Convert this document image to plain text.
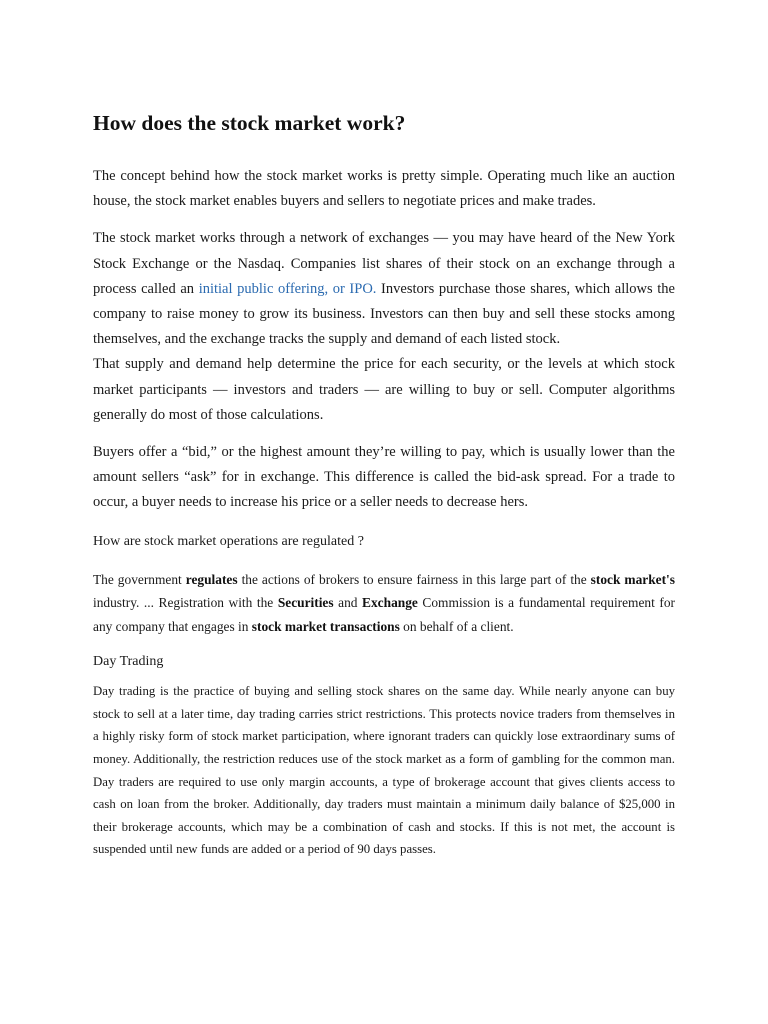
How does the stock market work?

The concept behind how the stock market works is pretty simple. Operating much like an auction house, the stock market enables buyers and sellers to negotiate prices and make trades.

The stock market works through a network of exchanges — you may have heard of the New York Stock Exchange or the Nasdaq. Companies list shares of their stock on an exchange through a process called an initial public offering, or IPO. Investors purchase those shares, which allows the company to raise money to grow its business. Investors can then buy and sell these stocks among themselves, and the exchange tracks the supply and demand of each listed stock.

That supply and demand help determine the price for each security, or the levels at which stock market participants — investors and traders — are willing to buy or sell. Computer algorithms generally do most of those calculations.

Buyers offer a “bid,” or the highest amount they’re willing to pay, which is usually lower than the amount sellers “ask” for in exchange. This difference is called the bid-ask spread. For a trade to occur, a buyer needs to increase his price or a seller needs to decrease hers.

How are stock market operations are regulated ?

The government regulates the actions of brokers to ensure fairness in this large part of the stock market's industry. ... Registration with the Securities and Exchange Commission is a fundamental requirement for any company that engages in stock market transactions on behalf of a client.

Day Trading

Day trading is the practice of buying and selling stock shares on the same day. While nearly anyone can buy stock to sell at a later time, day trading carries strict restrictions. This protects novice traders from themselves in a highly risky form of stock market participation, where ignorant traders can quickly lose extraordinary sums of money. Additionally, the restriction reduces use of the stock market as a form of gambling for the common man. Day traders are required to use only margin accounts, a type of brokerage account that gives clients access to cash on loan from the broker. Additionally, day traders must maintain a minimum daily balance of $25,000 in their brokerage accounts, which may be a combination of cash and stocks. If this is not met, the account is suspended until new funds are added or a period of 90 days passes.
